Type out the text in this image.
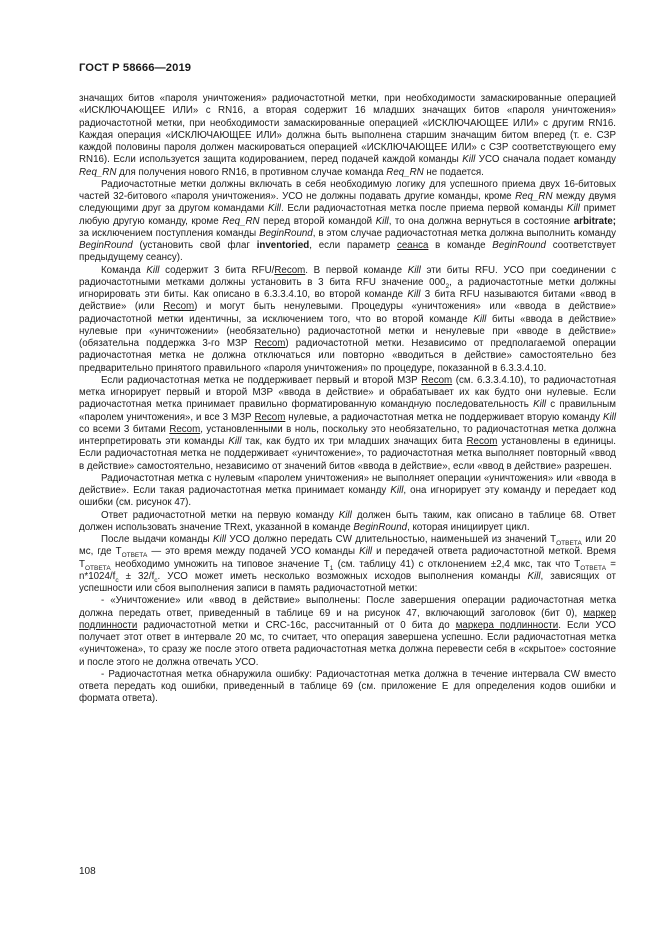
ГОСТ Р 58666—2019

значащих битов «пароля уничтожения» радиочастотной метки, при необходимости замаскированные операцией «ИСКЛЮЧАЮЩЕЕ ИЛИ» с RN16, а вторая содержит 16 младших значащих битов «пароля уничтожения» радиочастотной метки, при необходимости замаскированные операцией «ИСКЛЮЧАЮЩЕЕ ИЛИ» с другим RN16. Каждая операция «ИСКЛЮЧАЮЩЕЕ ИЛИ» должна быть выполнена старшим значащим битом вперед (т. е. СЗР каждой половины пароля должен маскироваться операцией «ИСКЛЮЧАЮЩЕЕ ИЛИ» с СЗР соответствующего ему RN16). Если используется защита кодированием, перед подачей каждой команды Kill УСО сначала подает команду Req_RN для получения нового RN16, в противном случае команда Req_RN не подается.

Радиочастотные метки должны включать в себя необходимую логику для успешного приема двух 16-битовых частей 32-битового «пароля уничтожения». УСО не должны подавать другие команды, кроме Req_RN между двумя следующими друг за другом командами Kill. Если радиочастотная метка после приема первой команды Kill примет любую другую команду, кроме Req_RN перед второй командой Kill, то она должна вернуться в состояние arbitrate; за исключением поступления команды BeginRound, в этом случае радиочастотная метка должна выполнить команду BeginRound (установить свой флаг inventoried, если параметр сеанса в команде BeginRound соответствует предыдущему сеансу).

Команда Kill содержит 3 бита RFU/Recom. В первой команде Kill эти биты RFU. УСО при соединении с радиочастотными метками должны установить в 3 бита RFU значение $000_2$, а радиочастотные метки должны игнорировать эти биты. Как описано в 6.3.3.4.10, во второй команде Kill 3 бита RFU называются битами «ввод в действие» (или Recom) и могут быть ненулевыми. Процедуры «уничтожения» или «ввода в действие» радиочастотной метки идентичны, за исключением того, что во второй команде Kill биты «ввода в действие» нулевые при «уничтожении» (необязательно) радиочастотной метки и ненулевые при «вводе в действие» (обязательна поддержка 3-го МЗР Recom) радиочастотной метки. Независимо от предполагаемой операции радиочастотная метка не должна отключаться или повторно «вводиться в действие» самостоятельно без предварительно принятого правильного «пароля уничтожения» по процедуре, показанной в 6.3.3.4.10.

Если радиочастотная метка не поддерживает первый и второй МЗР Recom (см. 6.3.3.4.10), то радиочастотная метка игнорирует первый и второй МЗР «ввода в действие» и обрабатывает их как будто они нулевые. Если радиочастотная метка принимает правильно форматированную командную последовательность Kill с правильным «паролем уничтожения», и все 3 МЗР Recom нулевые, а радиочастотная метка не поддерживает вторую команду Kill со всеми 3 битами Recom, установленными в ноль, поскольку это необязательно, то радиочастотная метка должна интерпретировать эти команды Kill так, как будто их три младших значащих бита Recom установлены в единицы. Если радиочастотная метка не поддерживает «уничтожение», то радиочастотная метка выполняет повторный «ввод в действие» самостоятельно, независимо от значений битов «ввода в действие», если «ввод в действие» разрешен.

Радиочастотная метка с нулевым «паролем уничтожения» не выполняет операции «уничтожения» или «ввода в действие». Если такая радиочастотная метка принимает команду Kill, она игнорирует эту команду и передает код ошибки (см. рисунок 47).

Ответ радиочастотной метки на первую команду Kill должен быть таким, как описано в таблице 68. Ответ должен использовать значение TRext, указанной в команде BeginRound, которая инициирует цикл.

После выдачи команды Kill УСО должно передать CW длительностью, наименьшей из значений $T_{ОТВЕТА}$ или 20 мс, где $T_{ОТВЕТА}$ — это время между подачей УСО команды Kill и передачей ответа радиочастотной меткой. Время $T_{ОТВЕТА}$ необходимо умножить на типовое значение $T_1$ (см. таблицу 41) с отклонением ±2,4 мкс, так что $T_{ОТВЕТА} = n*1024/f_c \pm 32/f_c$. УСО может иметь несколько возможных исходов выполнения команды Kill, зависящих от успешности или сбоя выполнения записи в память радиочастотной метки:

- «Уничтожение» или «ввод в действие» выполнены: После завершения операции радиочастотная метка должна передать ответ, приведенный в таблице 69 и на рисунок 47, включающий заголовок (бит 0), маркер подлинности радиочастотной метки и CRC-16c, рассчитанный от 0 бита до маркера подлинности. Если УСО получает этот ответ в интервале 20 мс, то считает, что операция завершена успешно. Если радиочастотная метка «уничтожена», то сразу же после этого ответа радиочастотная метка должна перевести себя в «скрытое» состояние и после этого не должна отвечать УСО.

- Радиочастотная метка обнаружила ошибку: Радиочастотная метка должна в течение интервала CW вместо ответа передать код ошибки, приведенный в таблице 69 (см. приложение Е для определения кодов ошибки и формата ответа).

108
